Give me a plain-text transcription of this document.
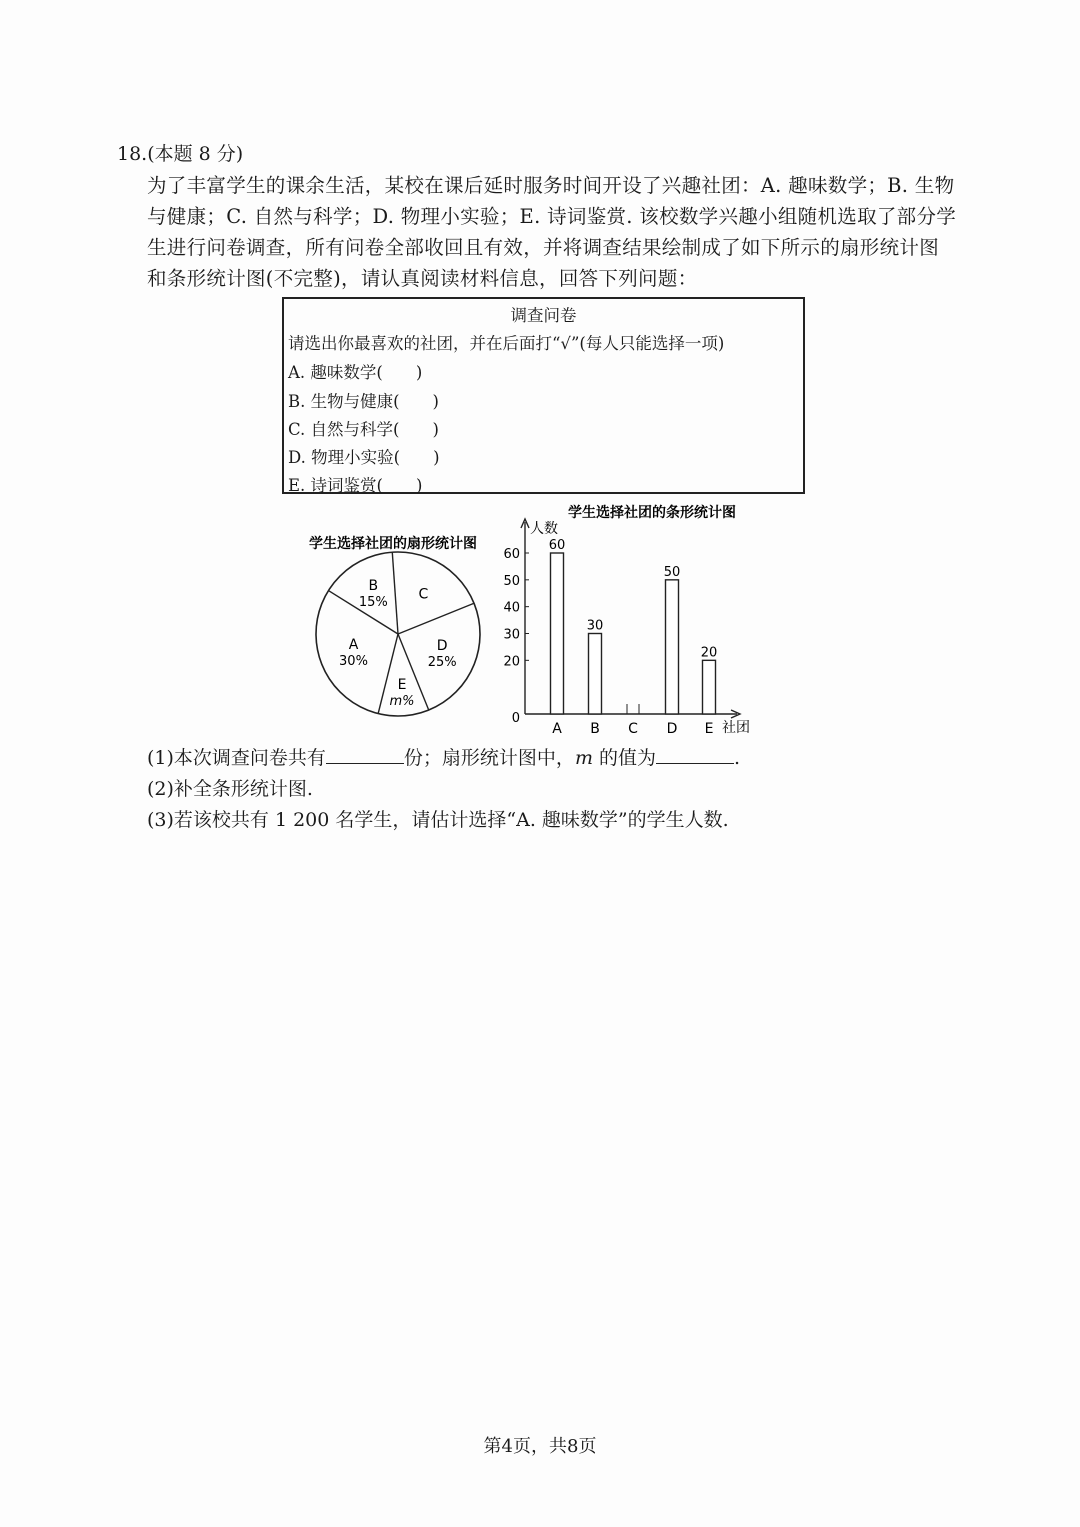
18.(本题 8 分)
为了丰富学生的课余生活，某校在课后延时服务时间开设了兴趣社团：A. 趣味数学；B. 生物
与健康；C. 自然与科学；D. 物理小实验；E. 诗词鉴赏. 该校数学兴趣小组随机选取了部分学
生进行问卷调查，所有问卷全部收回且有效，并将调查结果绘制成了如下所示的扇形统计图
和条形统计图(不完整)，请认真阅读材料信息，回答下列问题：
调查问卷
请选出你最喜欢的社团，并在后面打“√”(每人只能选择一项)
A. 趣味数学(　　)
B. 生物与健康(　　)
C. 自然与科学(　　)
D. 物理小实验(　　)
E. 诗词鉴赏(　　)
学生选择社团的扇形统计图
C
D
25%
E
m%
A
30%
B
15%
学生选择社团的条形统计图
人数
社团
0
20
30
40
50
60
A
60
B
30
C D
50
E
20
(1)本次调查问卷共有	份；扇形统计图中，m 的值为	.
(2)补全条形统计图.
(3)若该校共有 1 200 名学生，请估计选择“A. 趣味数学”的学生人数.
第4页，共8页
